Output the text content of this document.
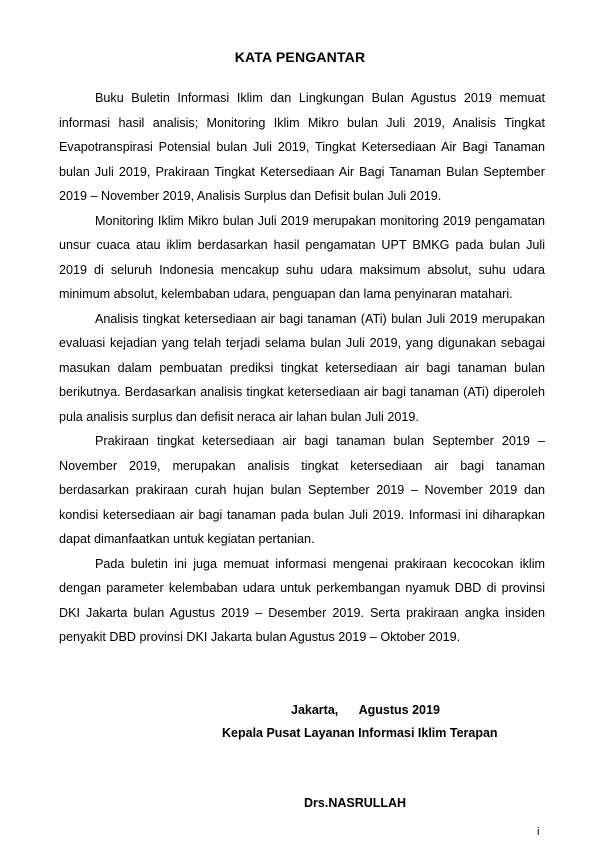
KATA PENGANTAR

Buku Buletin Informasi Iklim dan Lingkungan Bulan Agustus 2019 memuat informasi hasil analisis; Monitoring Iklim Mikro bulan Juli 2019, Analisis Tingkat Evapotranspirasi Potensial bulan Juli 2019, Tingkat Ketersediaan Air Bagi Tanaman bulan Juli 2019, Prakiraan Tingkat Ketersediaan Air Bagi Tanaman Bulan September 2019 – November 2019, Analisis Surplus dan Defisit bulan Juli 2019.

Monitoring Iklim Mikro bulan Juli 2019 merupakan monitoring 2019 pengamatan unsur cuaca atau iklim berdasarkan hasil pengamatan UPT BMKG pada bulan Juli 2019 di seluruh Indonesia mencakup suhu udara maksimum absolut, suhu udara minimum absolut, kelembaban udara, penguapan dan lama penyinaran matahari.

Analisis tingkat ketersediaan air bagi tanaman (ATi) bulan Juli 2019 merupakan evaluasi kejadian yang telah terjadi selama bulan Juli 2019, yang digunakan sebagai masukan dalam pembuatan prediksi tingkat ketersediaan air bagi tanaman bulan berikutnya. Berdasarkan analisis tingkat ketersediaan air bagi tanaman (ATi) diperoleh pula analisis surplus dan defisit neraca air lahan bulan Juli 2019.

Prakiraan tingkat ketersediaan air bagi tanaman bulan September 2019 – November 2019, merupakan analisis tingkat ketersediaan air bagi tanaman berdasarkan prakiraan curah hujan bulan September 2019 – November 2019 dan kondisi ketersediaan air bagi tanaman pada bulan Juli 2019. Informasi ini diharapkan dapat dimanfaatkan untuk kegiatan pertanian.

Pada buletin ini juga memuat informasi mengenai prakiraan kecocokan iklim dengan parameter kelembaban udara untuk perkembangan nyamuk DBD di provinsi DKI Jakarta bulan Agustus 2019 – Desember 2019. Serta prakiraan angka insiden penyakit DBD provinsi DKI Jakarta bulan Agustus 2019 – Oktober 2019.

Jakarta,      Agustus 2019
Kepala Pusat Layanan Informasi Iklim Terapan
Drs.NASRULLAH
i
